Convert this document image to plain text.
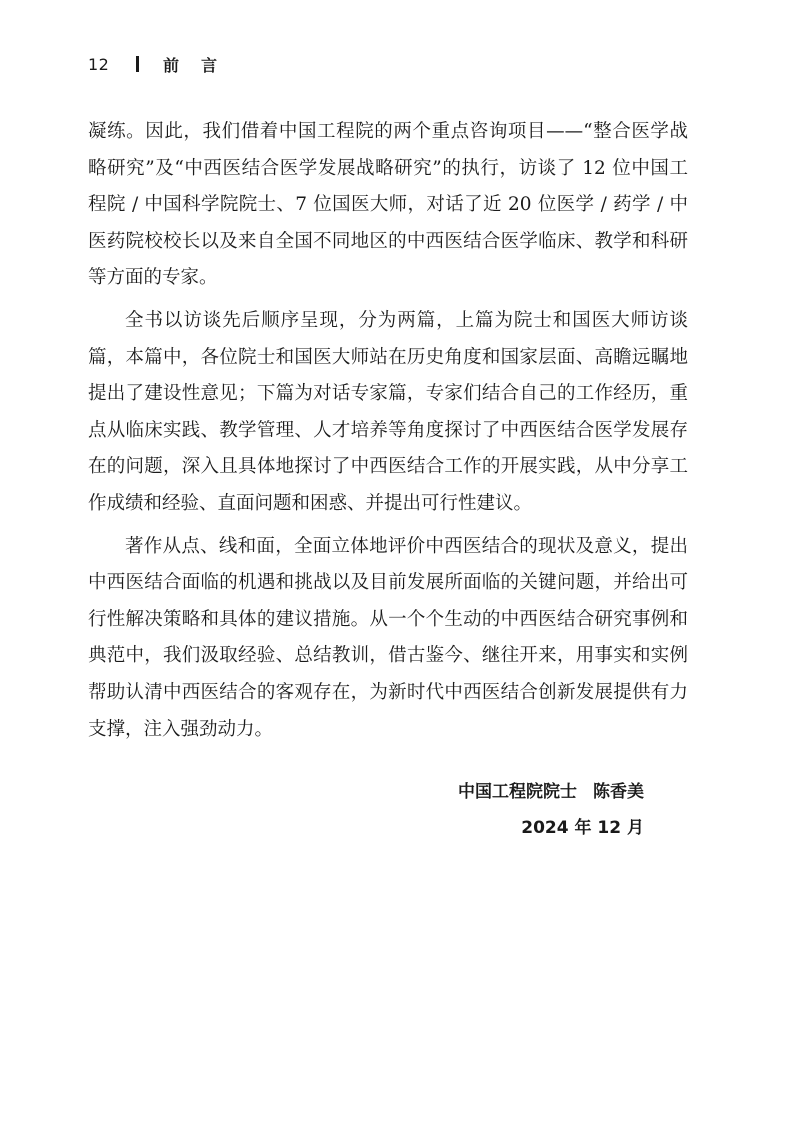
12	前言

凝练。因此，我们借着中国工程院的两个重点咨询项目——“整合医学战略研究”及“中西医结合医学发展战略研究”的执行，访谈了 12 位中国工程院 / 中国科学院院士、7 位国医大师，对话了近 20 位医学 / 药学 / 中医药院校校长以及来自全国不同地区的中西医结合医学临床、教学和科研等方面的专家。

全书以访谈先后顺序呈现，分为两篇，上篇为院士和国医大师访谈篇，本篇中，各位院士和国医大师站在历史角度和国家层面、高瞻远瞩地提出了建设性意见；下篇为对话专家篇，专家们结合自己的工作经历，重点从临床实践、教学管理、人才培养等角度探讨了中西医结合医学发展存在的问题，深入且具体地探讨了中西医结合工作的开展实践，从中分享工作成绩和经验、直面问题和困惑、并提出可行性建议。

著作从点、线和面，全面立体地评价中西医结合的现状及意义，提出中西医结合面临的机遇和挑战以及目前发展所面临的关键问题，并给出可行性解决策略和具体的建议措施。从一个个生动的中西医结合研究事例和典范中，我们汲取经验、总结教训，借古鉴今、继往开来，用事实和实例帮助认清中西医结合的客观存在，为新时代中西医结合创新发展提供有力支撑，注入强劲动力。

中国工程院院士 陈香美
2024 年 12 月
